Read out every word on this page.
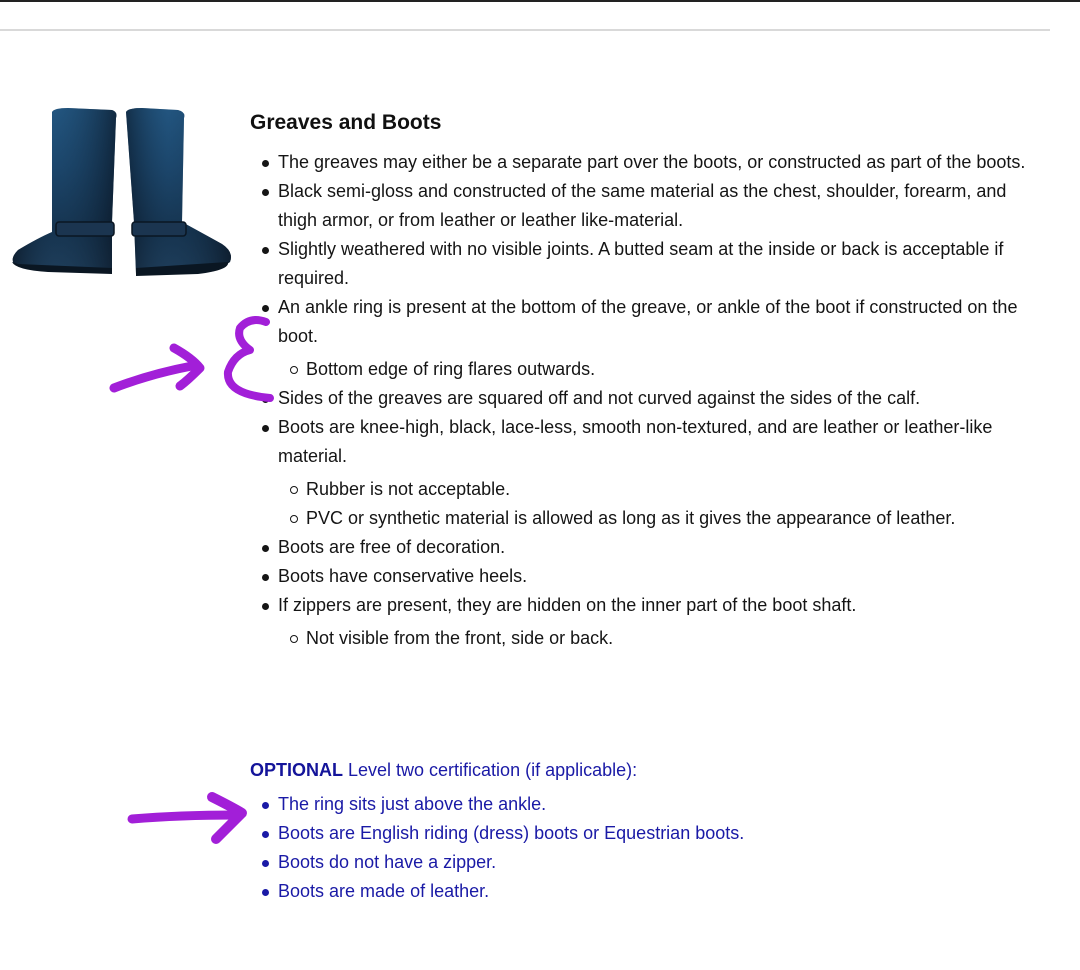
Greaves and Boots
The greaves may either be a separate part over the boots, or constructed as part of the boots.
Black semi-gloss and constructed of the same material as the chest, shoulder, forearm, and thigh armor, or from leather or leather like-material.
Slightly weathered with no visible joints. A butted seam at the inside or back is acceptable if required.
An ankle ring is present at the bottom of the greave, or ankle of the boot if constructed on the boot.
Bottom edge of ring flares outwards.
Sides of the greaves are squared off and not curved against the sides of the calf.
Boots are knee-high, black, lace-less, smooth non-textured, and are leather or leather-like material.
Rubber is not acceptable.
PVC or synthetic material is allowed as long as it gives the appearance of leather.
Boots are free of decoration.
Boots have conservative heels.
If zippers are present, they are hidden on the inner part of the boot shaft.
Not visible from the front, side or back.
OPTIONAL Level two certification (if applicable):
The ring sits just above the ankle.
Boots are English riding (dress) boots or Equestrian boots.
Boots do not have a zipper.
Boots are made of leather.
